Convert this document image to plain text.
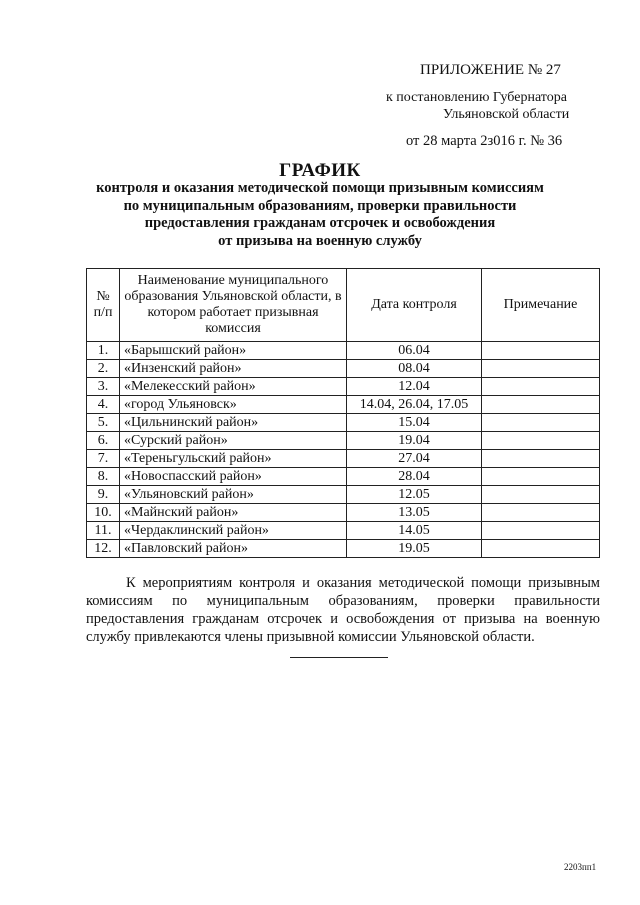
ПРИЛОЖЕНИЕ № 27
к постановлению Губернатора
Ульяновской области
от 28 марта 2з016 г. № 36
ГРАФИК
контроля и оказания методической помощи призывным комиссиям
по муниципальным образованиям, проверки правильности
предоставления гражданам отсрочек и освобождения
от призыва на военную службу
№ п/п	Наименование муниципального образования Ульяновской области, в котором работает призывная комиссия	Дата контроля	Примечание
1.	«Барышский район»	06.04	
2.	«Инзенский район»	08.04	
3.	«Мелекесский район»	12.04	
4.	«город Ульяновск»	14.04, 26.04, 17.05	
5.	«Цильнинский район»	15.04	
6.	«Сурский район»	19.04	
7.	«Тереньгульский район»	27.04	
8.	«Новоспасский район»	28.04	
9.	«Ульяновский район»	12.05	
10.	«Майнский район»	13.05	
11.	«Чердаклинский район»	14.05	
12.	«Павловский район»	19.05	
К мероприятиям контроля и оказания методической помощи призывным комиссиям по муниципальным образованиям, проверки правильности предоставления гражданам отсрочек и освобождения от призыва на военную службу привлекаются члены призывной комиссии Ульяновской области.
2203пп1
